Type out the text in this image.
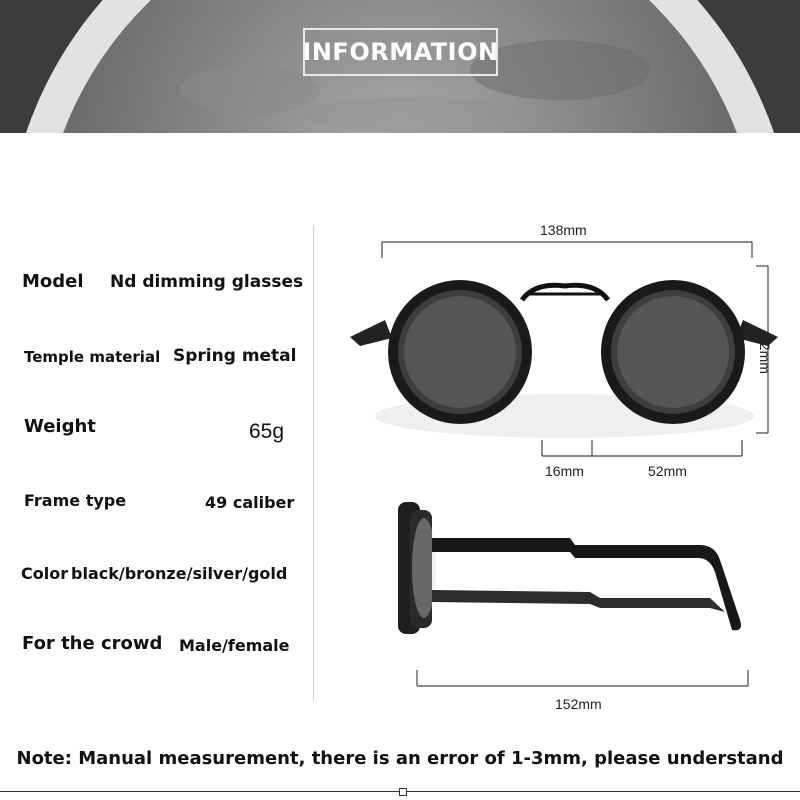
INFORMATION
Model Nd dimming glasses
Temple material Spring metal
Weight	65g
Frame type	49 caliber
Color black/bronze/silver/gold
For the crowd Male/female
138mm
52mm
16mm	52mm
152mm
Note: Manual measurement, there is an error of 1-3mm, please understand
